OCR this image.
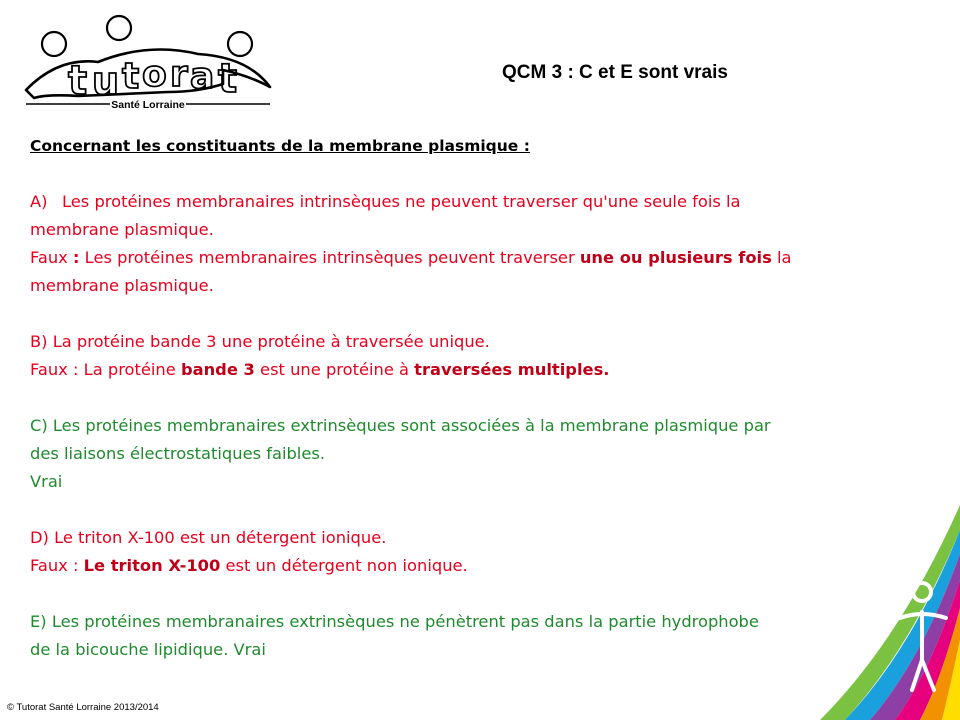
t u t o r a t
Santé Lorraine
QCM 3 : C et E sont vrais
Concernant les constituants de la membrane plasmique :
A) Les protéines membranaires intrinsèques ne peuvent traverser qu'une seule fois la
membrane plasmique.
Faux : Les protéines membranaires intrinsèques peuvent traverser une ou plusieurs fois la
membrane plasmique.
B) La protéine bande 3 une protéine à traversée unique.
Faux : La protéine bande 3 est une protéine à traversées multiples.
C) Les protéines membranaires extrinsèques sont associées à la membrane plasmique par
des liaisons électrostatiques faibles.
Vrai
D) Le triton X-100 est un détergent ionique.
Faux : Le triton X-100 est un détergent non ionique.
E) Les protéines membranaires extrinsèques ne pénètrent pas dans la partie hydrophobe
de la bicouche lipidique. Vrai
© Tutorat Santé Lorraine 2013/2014
